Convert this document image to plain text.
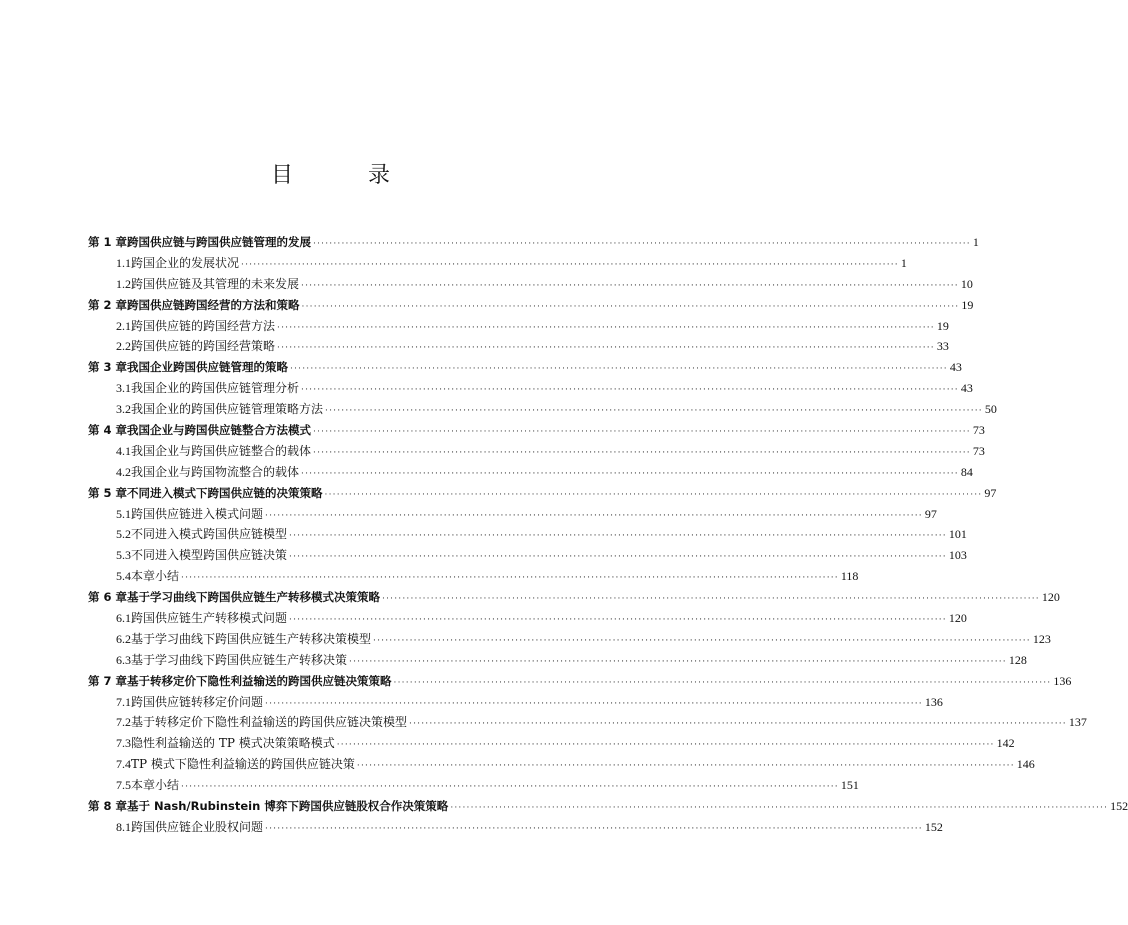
目 录
第 1 章 跨国供应链与跨国供应链管理的发展 ·····	1
1.1 跨国企业的发展状况 ·····	1
1.2 跨国供应链及其管理的未来发展 ·····	10
第 2 章 跨国供应链跨国经营的方法和策略 ·····	19
2.1 跨国供应链的跨国经营方法 ·····	19
2.2 跨国供应链的跨国经营策略 ·····	33
第 3 章 我国企业跨国供应链管理的策略 ·····	43
3.1 我国企业的跨国供应链管理分析 ·····	43
3.2 我国企业的跨国供应链管理策略方法 ·····	50
第 4 章 我国企业与跨国供应链整合方法模式 ·····	73
4.1 我国企业与跨国供应链整合的载体 ·····	73
4.2 我国企业与跨国物流整合的载体 ·····	84
第 5 章 不同进入模式下跨国供应链的决策策略 ·····	97
5.1 跨国供应链进入模式问题 ·····	97
5.2 不同进入模式跨国供应链模型 ·····	101
5.3 不同进入模型跨国供应链决策 ·····	103
5.4 本章小结 ·····	118
第 6 章 基于学习曲线下跨国供应链生产转移模式决策策略 ·····	120
6.1 跨国供应链生产转移模式问题 ·····	120
6.2 基于学习曲线下跨国供应链生产转移决策模型 ·····	123
6.3 基于学习曲线下跨国供应链生产转移决策 ·····	128
第 7 章 基于转移定价下隐性利益输送的跨国供应链决策策略 ·····	136
7.1 跨国供应链转移定价问题 ·····	136
7.2 基于转移定价下隐性利益输送的跨国供应链决策模型 ·····	137
7.3 隐性利益输送的 TP 模式决策策略模式 ·····	142
7.4 TP 模式下隐性利益输送的跨国供应链决策 ·····	146
7.5 本章小结 ·····	151
第 8 章 基于 Nash/Rubinstein 博弈下跨国供应链股权合作决策策略 ·····	152
8.1 跨国供应链企业股权问题 ·····	152
